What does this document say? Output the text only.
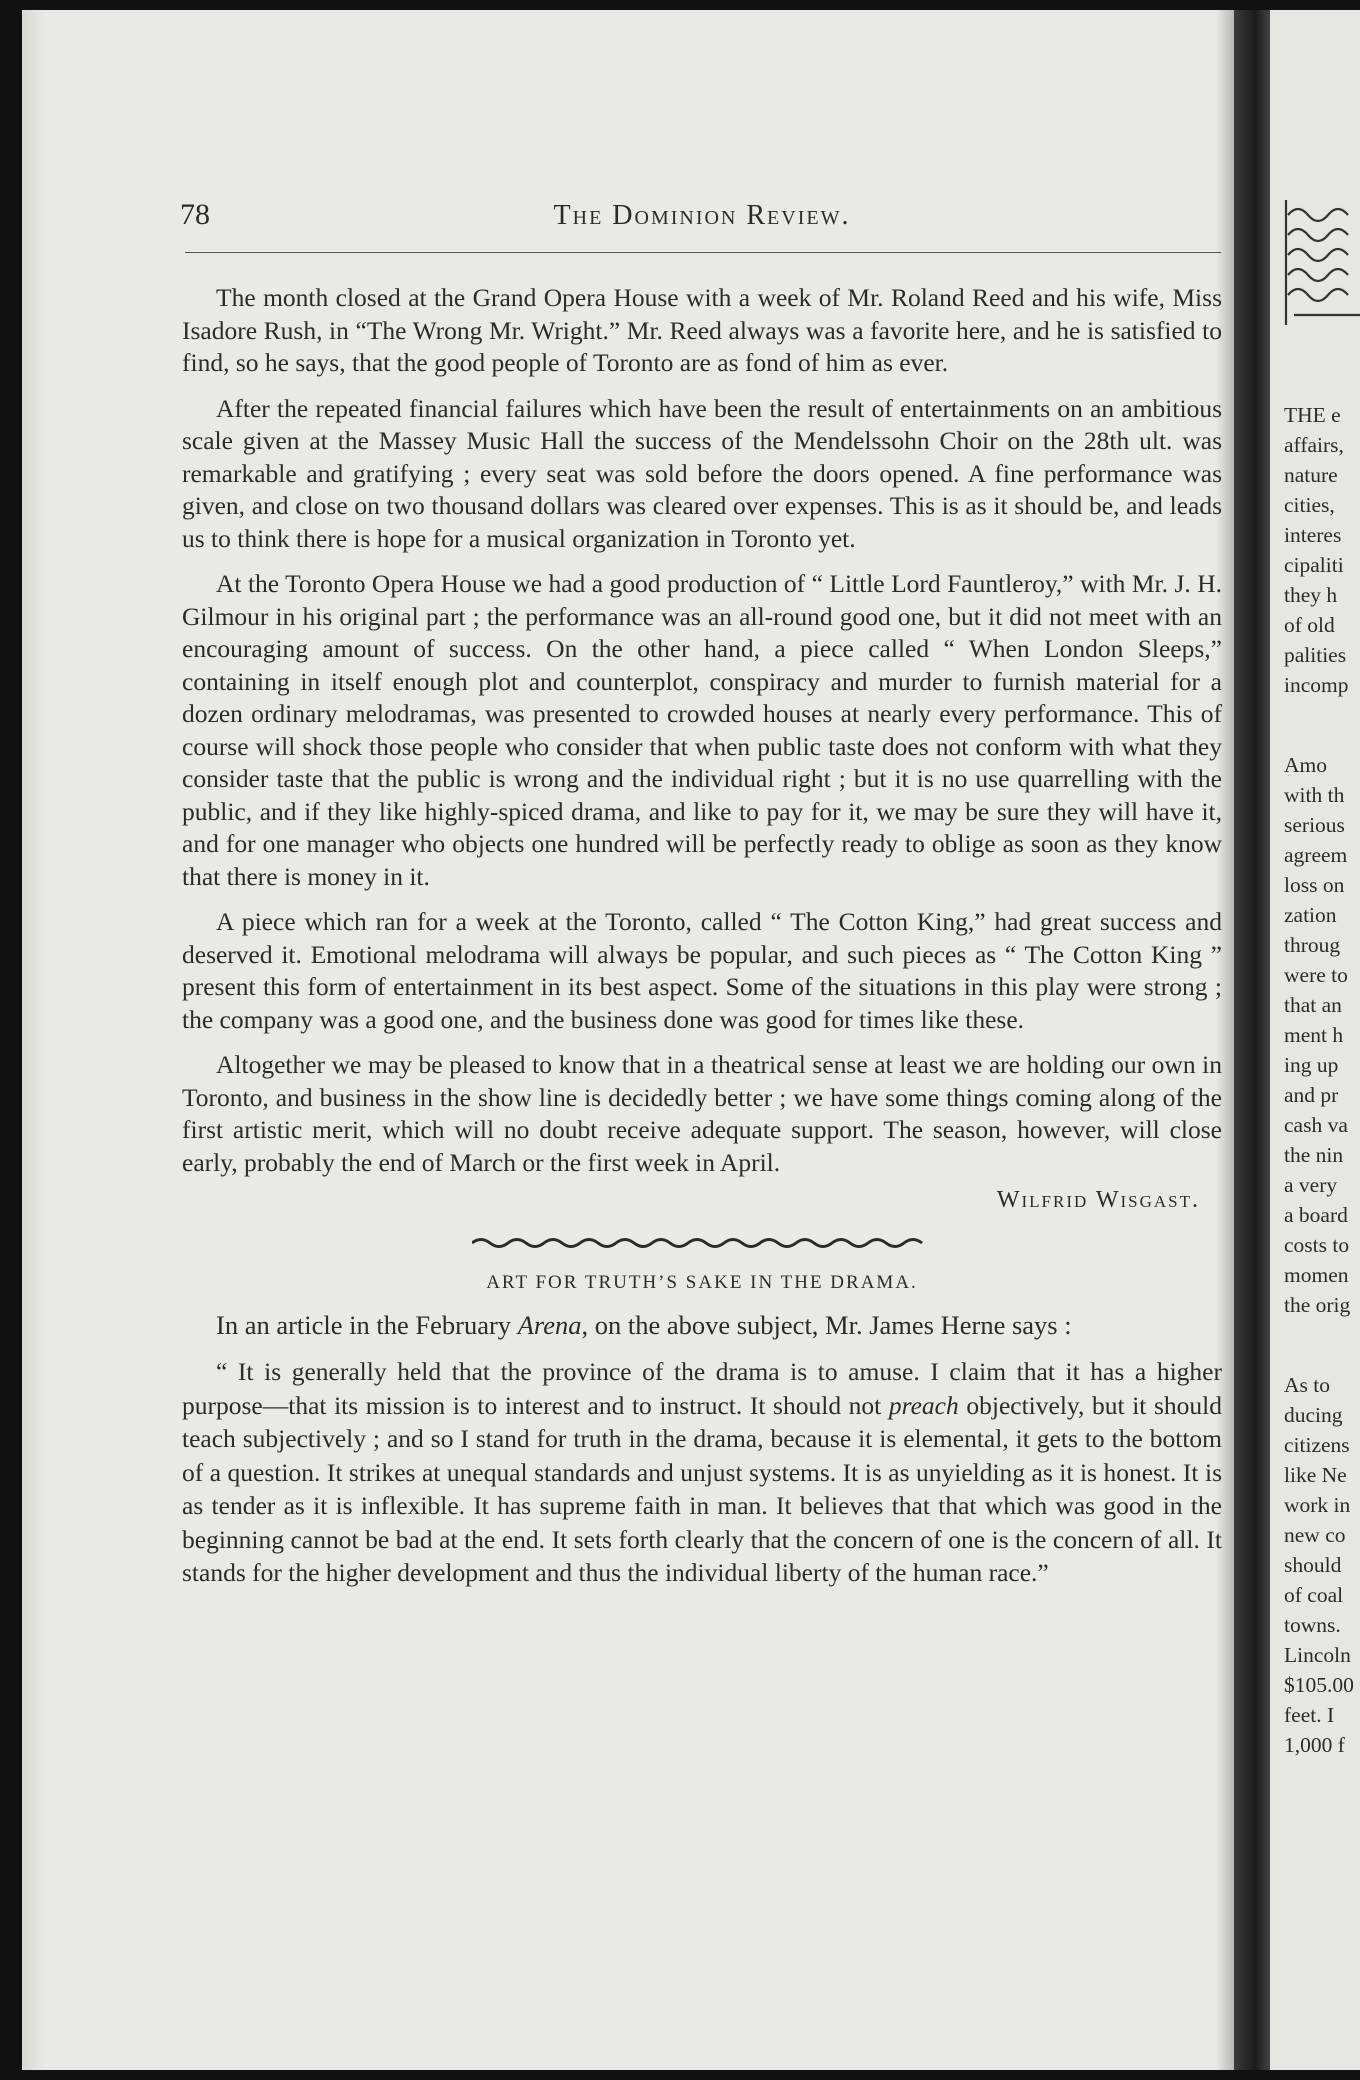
THE e
affairs,
nature
cities,
interes
cipaliti
they h
of old
palities
incomp
Amo
with th
serious
agreem
loss on
zation
throug
were to
that an
ment h
ing up
and pr
cash va
the nin
a very
a board
costs to
momen
the orig
As to
ducing
citizens
like Ne
work in
new co
should
of coal
towns.
Lincoln
$105.00
feet. I
1,000 f
78	The Dominion Review.

The month closed at the Grand Opera House with a week of Mr. Roland Reed and his wife, Miss Isadore Rush, in “The Wrong Mr. Wright.” Mr. Reed always was a favorite here, and he is satisfied to find, so he says, that the good people of Toronto are as fond of him as ever.

After the repeated financial failures which have been the result of entertainments on an ambitious scale given at the Massey Music Hall the success of the Mendelssohn Choir on the 28th ult. was remarkable and gratifying ; every seat was sold before the doors opened. A fine performance was given, and close on two thousand dollars was cleared over expenses. This is as it should be, and leads us to think there is hope for a musical organization in Toronto yet.

At the Toronto Opera House we had a good production of “ Little Lord Fauntleroy,” with Mr. J. H. Gilmour in his original part ; the performance was an all-round good one, but it did not meet with an encouraging amount of success. On the other hand, a piece called “ When London Sleeps,” containing in itself enough plot and counterplot, conspiracy and murder to furnish material for a dozen ordinary melodramas, was presented to crowded houses at nearly every performance. This of course will shock those people who consider that when public taste does not conform with what they consider taste that the public is wrong and the individual right ; but it is no use quarrelling with the public, and if they like highly-spiced drama, and like to pay for it, we may be sure they will have it, and for one manager who objects one hundred will be perfectly ready to oblige as soon as they know that there is money in it.

A piece which ran for a week at the Toronto, called “ The Cotton King,” had great success and deserved it. Emotional melodrama will always be popular, and such pieces as “ The Cotton King ” present this form of entertainment in its best aspect. Some of the situations in this play were strong ; the company was a good one, and the business done was good for times like these.

Altogether we may be pleased to know that in a theatrical sense at least we are holding our own in Toronto, and business in the show line is decidedly better ; we have some things coming along of the first artistic merit, which will no doubt receive adequate support. The season, however, will close early, probably the end of March or the first week in April.

Wilfrid Wisgast.
ART FOR TRUTH’S SAKE IN THE DRAMA.

In an article in the February Arena, on the above subject, Mr. James Herne says :

“ It is generally held that the province of the drama is to amuse. I claim that it has a higher purpose—that its mission is to interest and to instruct. It should not preach objectively, but it should teach subjectively ; and so I stand for truth in the drama, because it is elemental, it gets to the bottom of a question. It strikes at unequal standards and unjust systems. It is as unyielding as it is honest. It is as tender as it is inflexible. It has supreme faith in man. It believes that that which was good in the beginning cannot be bad at the end. It sets forth clearly that the concern of one is the concern of all. It stands for the higher development and thus the individual liberty of the human race.”
